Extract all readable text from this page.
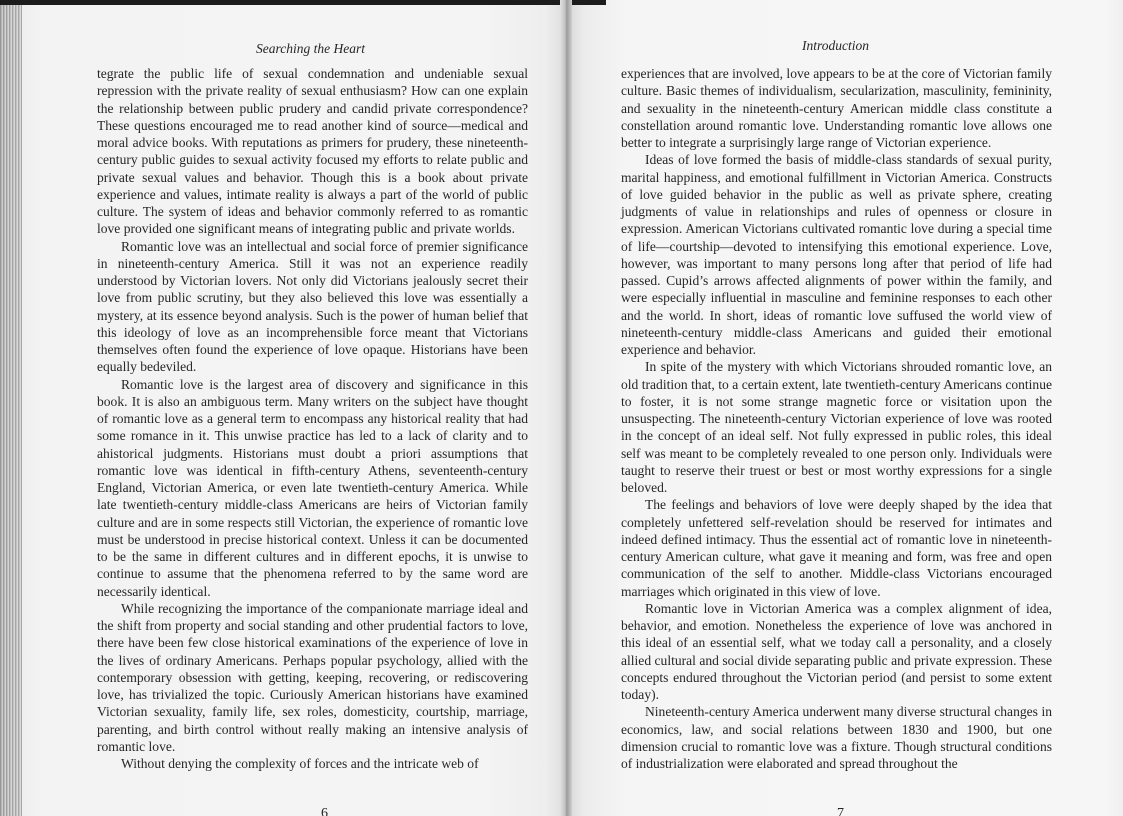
Searching the Heart

tegrate the public life of sexual condemnation and undeniable sexual repression with the private reality of sexual enthusiasm? How can one explain the relationship between public prudery and candid private correspondence? These questions encouraged me to read another kind of source—medical and moral advice books. With reputations as primers for prudery, these nineteenth-century public guides to sexual activity focused my efforts to relate public and private sexual values and behavior. Though this is a book about private experience and values, intimate reality is always a part of the world of public culture. The system of ideas and behavior commonly referred to as romantic love provided one significant means of integrating public and private worlds.

Romantic love was an intellectual and social force of premier significance in nineteenth-century America. Still it was not an experience readily understood by Victorian lovers. Not only did Victorians jealously secret their love from public scrutiny, but they also believed this love was essentially a mystery, at its essence beyond analysis. Such is the power of human belief that this ideology of love as an incomprehensible force meant that Victorians themselves often found the experience of love opaque. Historians have been equally bedeviled.

Romantic love is the largest area of discovery and significance in this book. It is also an ambiguous term. Many writers on the subject have thought of romantic love as a general term to encompass any historical reality that had some romance in it. This unwise practice has led to a lack of clarity and to ahistorical judgments. Historians must doubt a priori assumptions that romantic love was identical in fifth-century Athens, seventeenth-century England, Victorian America, or even late twentieth-century America. While late twentieth-century middle-class Americans are heirs of Victorian family culture and are in some respects still Victorian, the experience of romantic love must be understood in precise historical context. Unless it can be documented to be the same in different cultures and in different epochs, it is unwise to continue to assume that the phenomena referred to by the same word are necessarily identical.

While recognizing the importance of the companionate marriage ideal and the shift from property and social standing and other prudential factors to love, there have been few close historical examinations of the experience of love in the lives of ordinary Americans. Perhaps popular psychology, allied with the contemporary obsession with getting, keeping, recovering, or rediscovering love, has trivialized the topic. Curiously American historians have examined Victorian sexuality, family life, sex roles, domesticity, courtship, marriage, parenting, and birth control without really making an intensive analysis of romantic love.

Without denying the complexity of forces and the intricate web of

6
Introduction

experiences that are involved, love appears to be at the core of Victorian family culture. Basic themes of individualism, secularization, masculinity, femininity, and sexuality in the nineteenth-century American middle class constitute a constellation around romantic love. Understanding romantic love allows one better to integrate a surprisingly large range of Victorian experience.

Ideas of love formed the basis of middle-class standards of sexual purity, marital happiness, and emotional fulfillment in Victorian America. Constructs of love guided behavior in the public as well as private sphere, creating judgments of value in relationships and rules of openness or closure in expression. American Victorians cultivated romantic love during a special time of life—courtship—devoted to intensifying this emotional experience. Love, however, was important to many persons long after that period of life had passed. Cupid’s arrows affected alignments of power within the family, and were especially influential in masculine and feminine responses to each other and the world. In short, ideas of romantic love suffused the world view of nineteenth-century middle-class Americans and guided their emotional experience and behavior.

In spite of the mystery with which Victorians shrouded romantic love, an old tradition that, to a certain extent, late twentieth-century Americans continue to foster, it is not some strange magnetic force or visitation upon the unsuspecting. The nineteenth-century Victorian experience of love was rooted in the concept of an ideal self. Not fully expressed in public roles, this ideal self was meant to be completely revealed to one person only. Individuals were taught to reserve their truest or best or most worthy expressions for a single beloved.

The feelings and behaviors of love were deeply shaped by the idea that completely unfettered self-revelation should be reserved for intimates and indeed defined intimacy. Thus the essential act of romantic love in nineteenth-century American culture, what gave it meaning and form, was free and open communication of the self to another. Middle-class Victorians encouraged marriages which originated in this view of love.

Romantic love in Victorian America was a complex alignment of idea, behavior, and emotion. Nonetheless the experience of love was anchored in this ideal of an essential self, what we today call a personality, and a closely allied cultural and social divide separating public and private expression. These concepts endured throughout the Victorian period (and persist to some extent today).

Nineteenth-century America underwent many diverse structural changes in economics, law, and social relations between 1830 and 1900, but one dimension crucial to romantic love was a fixture. Though structural conditions of industrialization were elaborated and spread throughout the

7
